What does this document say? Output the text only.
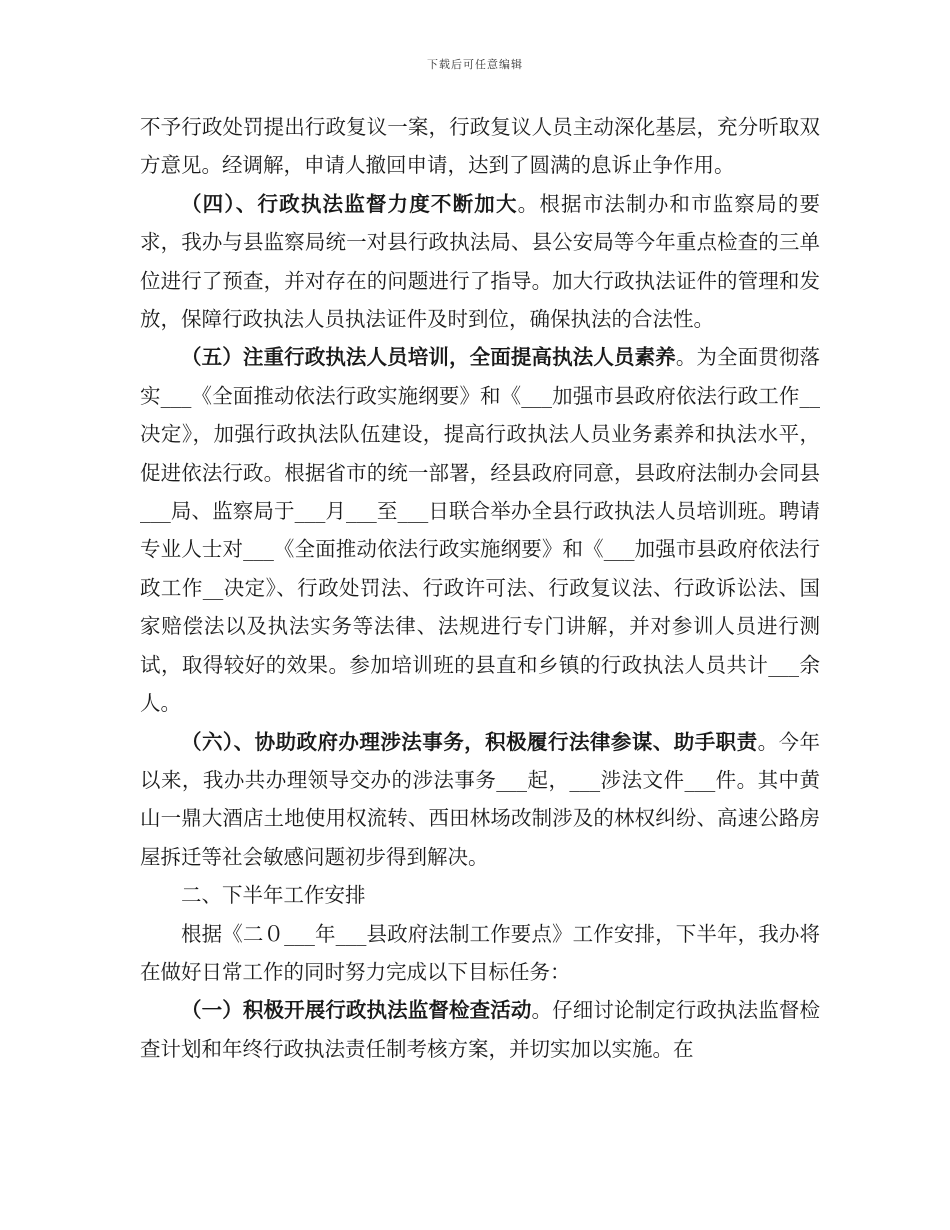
下载后可任意编辑

不予行政处罚提出行政复议一案，行政复议人员主动深化基层，充分听取双方意见。经调解，申请人撤回申请，达到了圆满的息诉止争作用。

（四）、行政执法监督力度不断加大。根据市法制办和市监察局的要求，我办与县监察局统一对县行政执法局、县公安局等今年重点检查的三单位进行了预查，并对存在的问题进行了指导。加大行政执法证件的管理和发放，保障行政执法人员执法证件及时到位，确保执法的合法性。

（五）注重行政执法人员培训，全面提高执法人员素养。为全面贯彻落实___《全面推动依法行政实施纲要》和《___加强市县政府依法行政工作__决定》，加强行政执法队伍建设，提高行政执法人员业务素养和执法水平，促进依法行政。根据省市的统一部署，经县政府同意，县政府法制办会同县___局、监察局于___月___至___日联合举办全县行政执法人员培训班。聘请专业人士对___《全面推动依法行政实施纲要》和《___加强市县政府依法行政工作__决定》、行政处罚法、行政许可法、行政复议法、行政诉讼法、国家赔偿法以及执法实务等法律、法规进行专门讲解，并对参训人员进行测试，取得较好的效果。参加培训班的县直和乡镇的行政执法人员共计___余人。

（六）、协助政府办理涉法事务，积极履行法律参谋、助手职责。今年以来，我办共办理领导交办的涉法事务___起，___涉法文件___件。其中黄山一鼎大酒店土地使用权流转、西田林场改制涉及的林权纠纷、高速公路房屋拆迁等社会敏感问题初步得到解决。

二、下半年工作安排

根据《二０___年___县政府法制工作要点》工作安排，下半年，我办将在做好日常工作的同时努力完成以下目标任务：

（一）积极开展行政执法监督检查活动。仔细讨论制定行政执法监督检查计划和年终行政执法责任制考核方案，并切实加以实施。在
